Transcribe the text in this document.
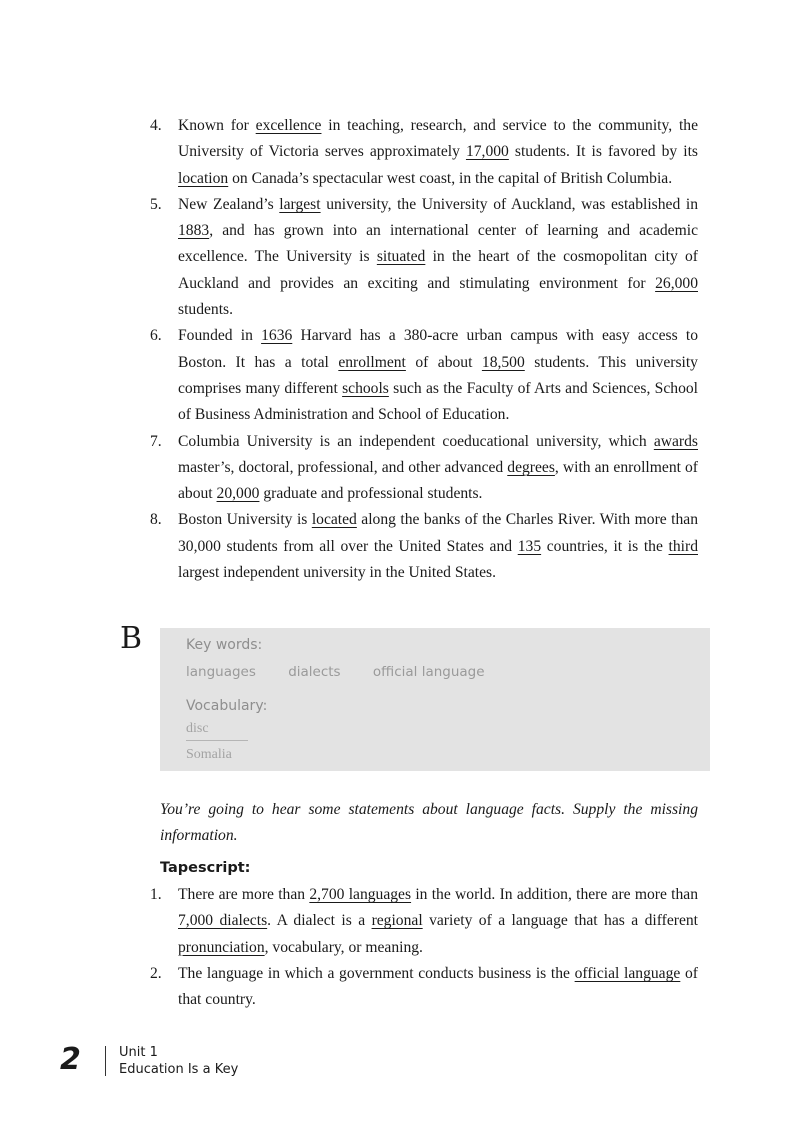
4. Known for excellence in teaching, research, and service to the community, the University of Victoria serves approximately 17,000 students. It is favored by its location on Canada’s spectacular west coast, in the capital of British Columbia.
5. New Zealand’s largest university, the University of Auckland, was established in 1883, and has grown into an international center of learning and academic excellence. The University is situated in the heart of the cosmopolitan city of Auckland and provides an exciting and stimulating environment for 26,000 students.
6. Founded in 1636 Harvard has a 380-acre urban campus with easy access to Boston. It has a total enrollment of about 18,500 students. This university comprises many different schools such as the Faculty of Arts and Sciences, School of Business Administration and School of Education.
7. Columbia University is an independent coeducational university, which awards master’s, doctoral, professional, and other advanced degrees, with an enrollment of about 20,000 graduate and professional students.
8. Boston University is located along the banks of the Charles River. With more than 30,000 students from all over the United States and 135 countries, it is the third largest independent university in the United States.
B	Key words:
languages dialects official language
Vocabulary:
disc
Somalia
You’re going to hear some statements about language facts. Supply the missing information.
Tapescript:
1. There are more than 2,700 languages in the world. In addition, there are more than 7,000 dialects. A dialect is a regional variety of a language that has a different pronunciation, vocabulary, or meaning.
2. The language in which a government conducts business is the official language of that country.
2	Unit 1
Education Is a Key
